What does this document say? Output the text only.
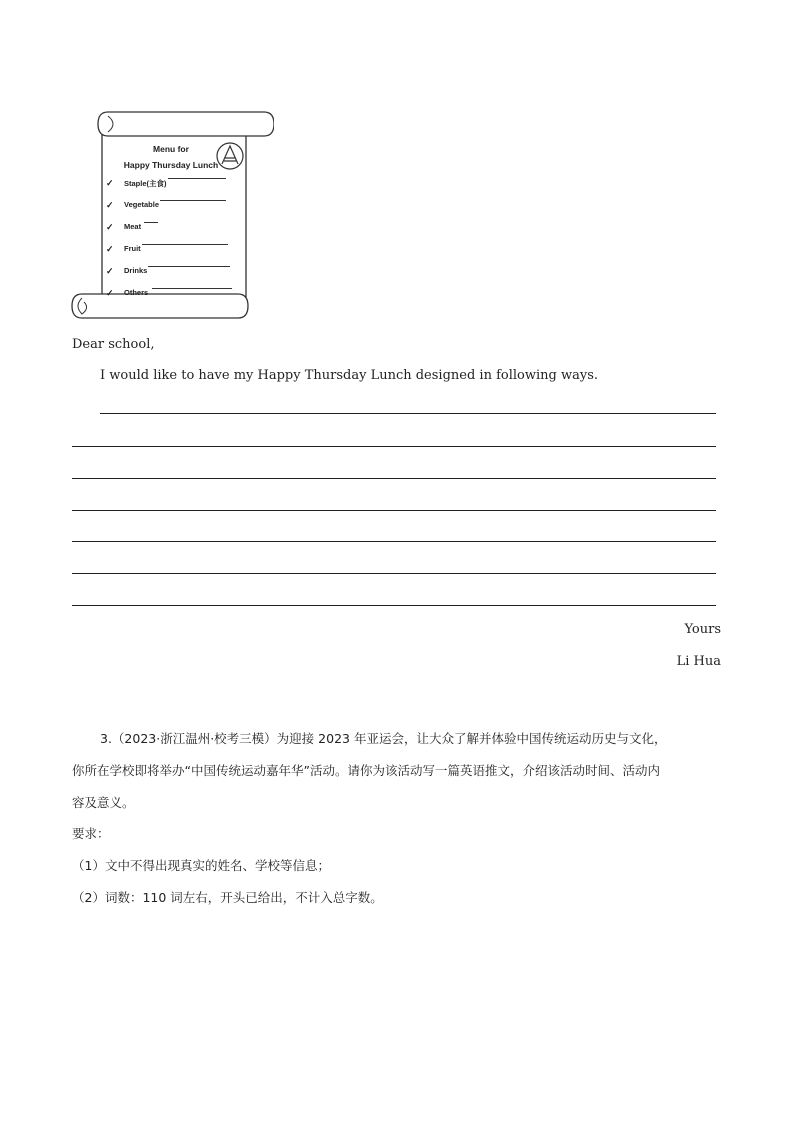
Menu for
Happy Thursday Lunch
✓ Staple(主食)
✓ Vegetable
✓ Meat
✓ Fruit
✓ Drinks
✓ Others
Dear school,
I would like to have my Happy Thursday Lunch designed in following ways.
Yours
Li Hua
3.（2023·浙江温州·校考三模）为迎接 2023 年亚运会，让大众了解并体验中国传统运动历史与文化，
你所在学校即将举办“中国传统运动嘉年华”活动。请你为该活动写一篇英语推文，介绍该活动时间、活动内
容及意义。
要求：
（1）文中不得出现真实的姓名、学校等信息；
（2）词数：110 词左右，开头已给出，不计入总字数。
